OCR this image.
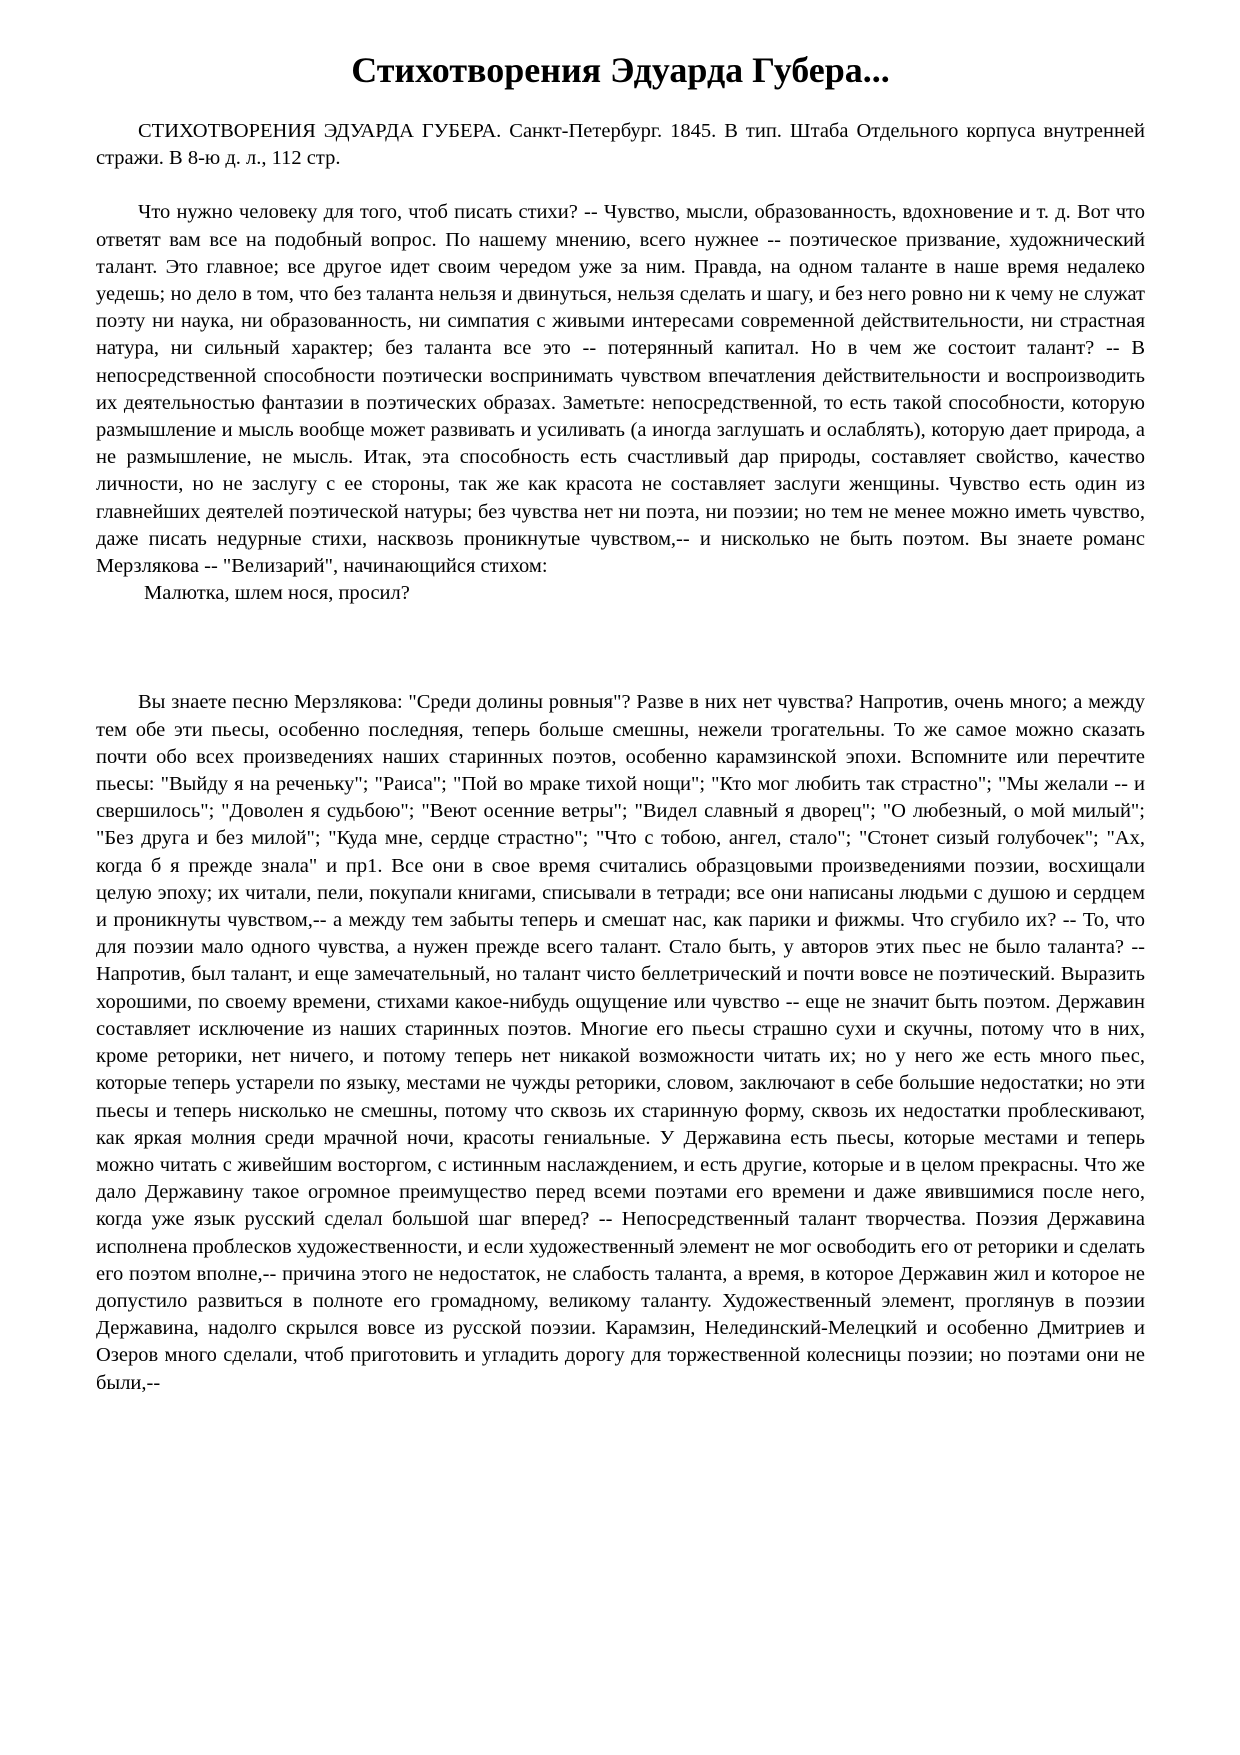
Стихотворения Эдуарда Губера...

СТИХОТВОРЕНИЯ ЭДУАРДА ГУБЕРА. Санкт-Петербург. 1845. В тип. Штаба Отдельного корпуса внутренней стражи. В 8-ю д. л., 112 стр.

Что нужно человеку для того, чтоб писать стихи? -- Чувство, мысли, образованность, вдохновение и т. д. Вот что ответят вам все на подобный вопрос. По нашему мнению, всего нужнее -- поэтическое призвание, художнический талант. Это главное; все другое идет своим чередом уже за ним. Правда, на одном таланте в наше время недалеко уедешь; но дело в том, что без таланта нельзя и двинуться, нельзя сделать и шагу, и без него ровно ни к чему не служат поэту ни наука, ни образованность, ни симпатия с живыми интересами современной действительности, ни страстная натура, ни сильный характер; без таланта все это -- потерянный капитал. Но в чем же состоит талант? -- В непосредственной способности поэтически воспринимать чувством впечатления действительности и воспроизводить их деятельностью фантазии в поэтических образах. Заметьте: непосредственной, то есть такой способности, которую размышление и мысль вообще может развивать и усиливать (а иногда заглушать и ослаблять), которую дает природа, а не размышление, не мысль. Итак, эта способность есть счастливый дар природы, составляет свойство, качество личности, но не заслугу с ее стороны, так же как красота не составляет заслуги женщины. Чувство есть один из главнейших деятелей поэтической натуры; без чувства нет ни поэта, ни поэзии; но тем не менее можно иметь чувство, даже писать недурные стихи, насквозь проникнутые чувством,-- и нисколько не быть поэтом. Вы знаете романс Мерзлякова -- "Велизарий", начинающийся стихом:

Малютка, шлем нося, просил?

Вы знаете песню Мерзлякова: "Среди долины ровныя"? Разве в них нет чувства? Напротив, очень много; а между тем обе эти пьесы, особенно последняя, теперь больше смешны, нежели трогательны. То же самое можно сказать почти обо всех произведениях наших старинных поэтов, особенно карамзинской эпохи. Вспомните или перечтите пьесы: "Выйду я на реченьку"; "Раиса"; "Пой во мраке тихой нощи"; "Кто мог любить так страстно"; "Мы желали -- и свершилось"; "Доволен я судьбою"; "Веют осенние ветры"; "Видел славный я дворец"; "О любезный, о мой милый"; "Без друга и без милой"; "Куда мне, сердце страстно"; "Что с тобою, ангел, стало"; "Стонет сизый голубочек"; "Ах, когда б я прежде знала" и пр1. Все они в свое время считались образцовыми произведениями поэзии, восхищали целую эпоху; их читали, пели, покупали книгами, списывали в тетради; все они написаны людьми с душою и сердцем и проникнуты чувством,-- а между тем забыты теперь и смешат нас, как парики и фижмы. Что сгубило их? -- То, что для поэзии мало одного чувства, а нужен прежде всего талант. Стало быть, у авторов этих пьес не было таланта? -- Напротив, был талант, и еще замечательный, но талант чисто беллетрический и почти вовсе не поэтический. Выразить хорошими, по своему времени, стихами какое-нибудь ощущение или чувство -- еще не значит быть поэтом. Державин составляет исключение из наших старинных поэтов. Многие его пьесы страшно сухи и скучны, потому что в них, кроме реторики, нет ничего, и потому теперь нет никакой возможности читать их; но у него же есть много пьес, которые теперь устарели по языку, местами не чужды реторики, словом, заключают в себе большие недостатки; но эти пьесы и теперь нисколько не смешны, потому что сквозь их старинную форму, сквозь их недостатки проблескивают, как яркая молния среди мрачной ночи, красоты гениальные. У Державина есть пьесы, которые местами и теперь можно читать с живейшим восторгом, с истинным наслаждением, и есть другие, которые и в целом прекрасны. Что же дало Державину такое огромное преимущество перед всеми поэтами его времени и даже явившимися после него, когда уже язык русский сделал большой шаг вперед? -- Непосредственный талант творчества. Поэзия Державина исполнена проблесков художественности, и если художественный элемент не мог освободить его от реторики и сделать его поэтом вполне,-- причина этого не недостаток, не слабость таланта, а время, в которое Державин жил и которое не допустило развиться в полноте его громадному, великому таланту. Художественный элемент, проглянув в поэзии Державина, надолго скрылся вовсе из русской поэзии. Карамзин, Нелединский-Мелецкий и особенно Дмитриев и Озеров много сделали, чтоб приготовить и угладить дорогу для торжественной колесницы поэзии; но поэтами они не были,--
